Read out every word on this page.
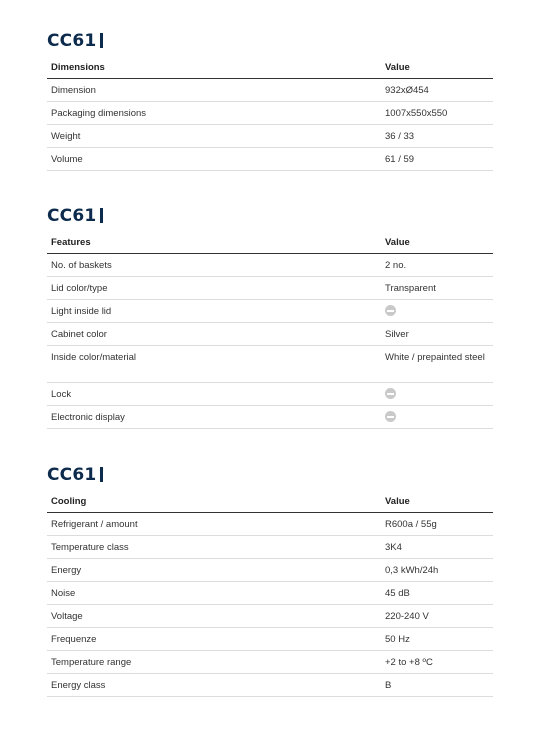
CC61
Dimensions	Value
Dimension	932xØ454
Packaging dimensions	1007x550x550
Weight	36 / 33
Volume	61 / 59
CC61
Features	Value
No. of baskets	2 no.
Lid color/type	Transparent
Light inside lid	
Cabinet color	Silver
Inside color/material	White / prepainted steel
Lock	
Electronic display	
CC61
Cooling	Value
Refrigerant / amount	R600a / 55g
Temperature class	3K4
Energy	0,3 kWh/24h
Noise	45 dB
Voltage	220-240 V
Frequenze	50 Hz
Temperature range	+2 to +8 ºC
Energy class	B
